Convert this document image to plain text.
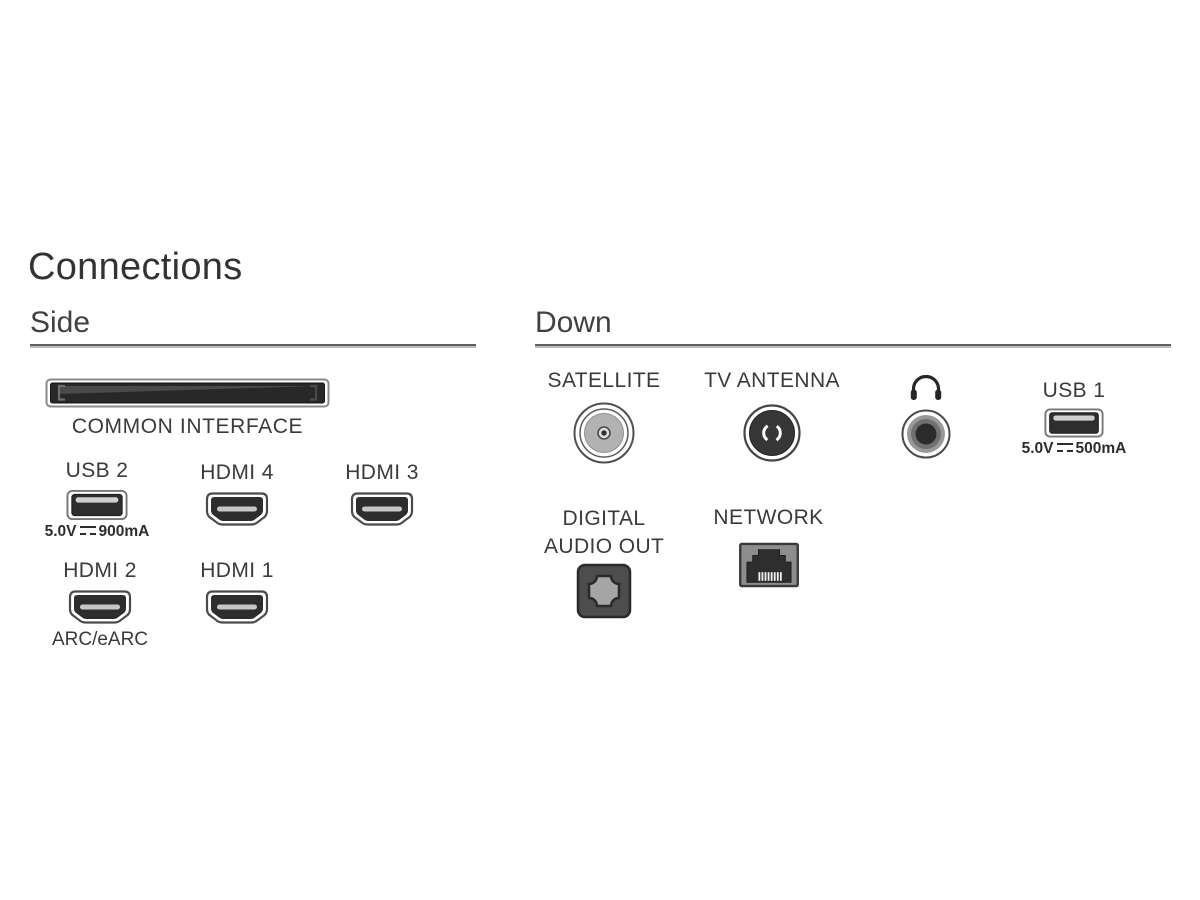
Connections
Side
COMMON INTERFACE
USB 2
5.0V 900mA
HDMI 4	HDMI 3
HDMI 2
ARC/eARC
HDMI 1
Down
SATELLITE TV ANTENNA
	USB 1
5.0V 500mA
DIGITAL
AUDIO OUT
NETWORK
